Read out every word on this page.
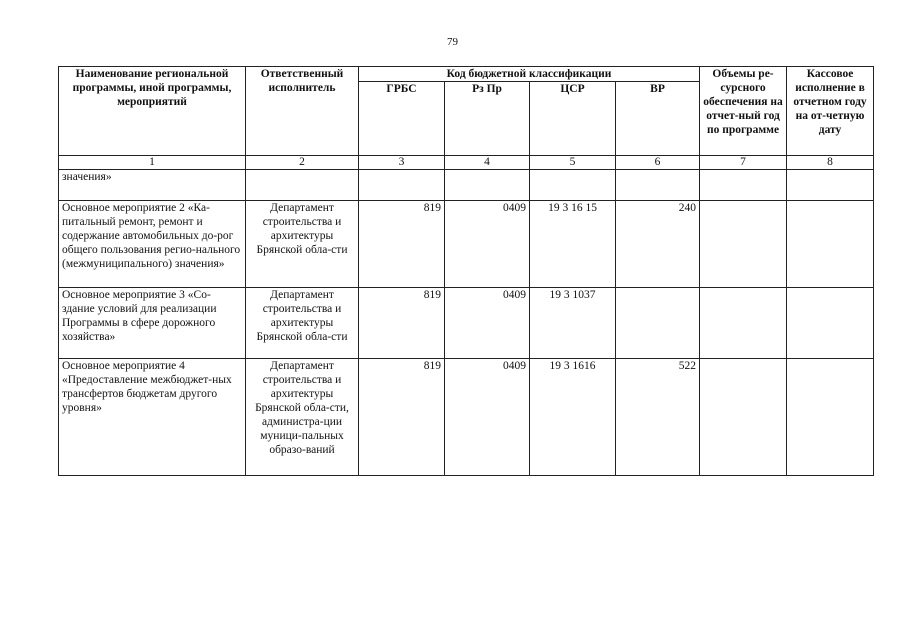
79
Наименование региональной программы, иной программы, мероприятий	Ответственный исполнитель	Код бюджетной классификации				Объемы ре-сурсного обеспечения на отчет-ный год по программе	Кассовое исполнение в отчетном году на от-четную дату
		ГРБС	Рз Пр	ЦСР	ВР		
1	2	3	4	5	6	7	8
значения»							
Основное мероприятие 2 «Ка-питальный ремонт, ремонт и содержание автомобильных до-рог общего пользования регио-нального (межмуниципального) значения»	Департамент строительства и архитектуры Брянской обла-сти	819	0409	19 3 16 15	240		
Основное мероприятие 3 «Со-здание условий для реализации Программы в сфере дорожного хозяйства»	Департамент строительства и архитектуры Брянской обла-сти	819	0409	19 3 1037			
Основное мероприятие 4 «Предоставление межбюджет-ных трансфертов бюджетам другого уровня»	Департамент строительства и архитектуры Брянской обла-сти, администра-ции муници-пальных образо-ваний	819	0409	19 3 1616	522		
